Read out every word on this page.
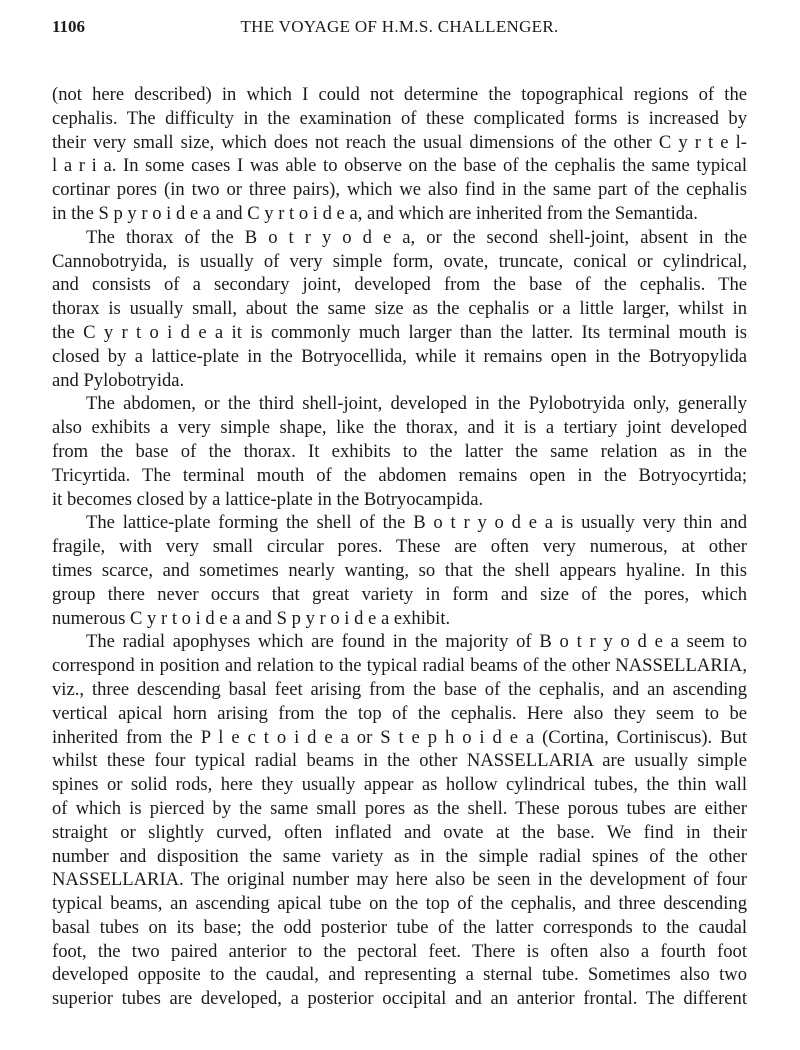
1106	THE VOYAGE OF H.M.S. CHALLENGER.
(not here described) in which I could not determine the topographical regions of the
cephalis. The difficulty in the examination of these complicated forms is increased by
their very small size, which does not reach the usual dimensions of the other C y r t e l-
l a r i a. In some cases I was able to observe on the base of the cephalis the same typical
cortinar pores (in two or three pairs), which we also find in the same part of the cephalis
in the S p y r o i d e a and C y r t o i d e a, and which are inherited from the Semantida.
The thorax of the B o t r y o d e a, or the second shell-joint, absent in the
Cannobotryida, is usually of very simple form, ovate, truncate, conical or cylindrical,
and consists of a secondary joint, developed from the base of the cephalis. The
thorax is usually small, about the same size as the cephalis or a little larger, whilst in
the C y r t o i d e a it is commonly much larger than the latter. Its terminal mouth is
closed by a lattice-plate in the Botryocellida, while it remains open in the Botryopylida
and Pylobotryida.
The abdomen, or the third shell-joint, developed in the Pylobotryida only, generally
also exhibits a very simple shape, like the thorax, and it is a tertiary joint developed
from the base of the thorax. It exhibits to the latter the same relation as in the
Tricyrtida. The terminal mouth of the abdomen remains open in the Botryocyrtida;
it becomes closed by a lattice-plate in the Botryocampida.
The lattice-plate forming the shell of the B o t r y o d e a is usually very thin and
fragile, with very small circular pores. These are often very numerous, at other
times scarce, and sometimes nearly wanting, so that the shell appears hyaline. In this
group there never occurs that great variety in form and size of the pores, which
numerous C y r t o i d e a and S p y r o i d e a exhibit.
The radial apophyses which are found in the majority of B o t r y o d e a seem to
correspond in position and relation to the typical radial beams of the other NASSELLARIA,
viz., three descending basal feet arising from the base of the cephalis, and an ascending
vertical apical horn arising from the top of the cephalis. Here also they seem to be
inherited from the P l e c t o i d e a or S t e p h o i d e a (Cortina, Cortiniscus). But
whilst these four typical radial beams in the other NASSELLARIA are usually simple
spines or solid rods, here they usually appear as hollow cylindrical tubes, the thin wall
of which is pierced by the same small pores as the shell. These porous tubes are either
straight or slightly curved, often inflated and ovate at the base. We find in their
number and disposition the same variety as in the simple radial spines of the other
NASSELLARIA. The original number may here also be seen in the development of four
typical beams, an ascending apical tube on the top of the cephalis, and three descending
basal tubes on its base; the odd posterior tube of the latter corresponds to the caudal
foot, the two paired anterior to the pectoral feet. There is often also a fourth foot
developed opposite to the caudal, and representing a sternal tube. Sometimes also two
superior tubes are developed, a posterior occipital and an anterior frontal. The different
